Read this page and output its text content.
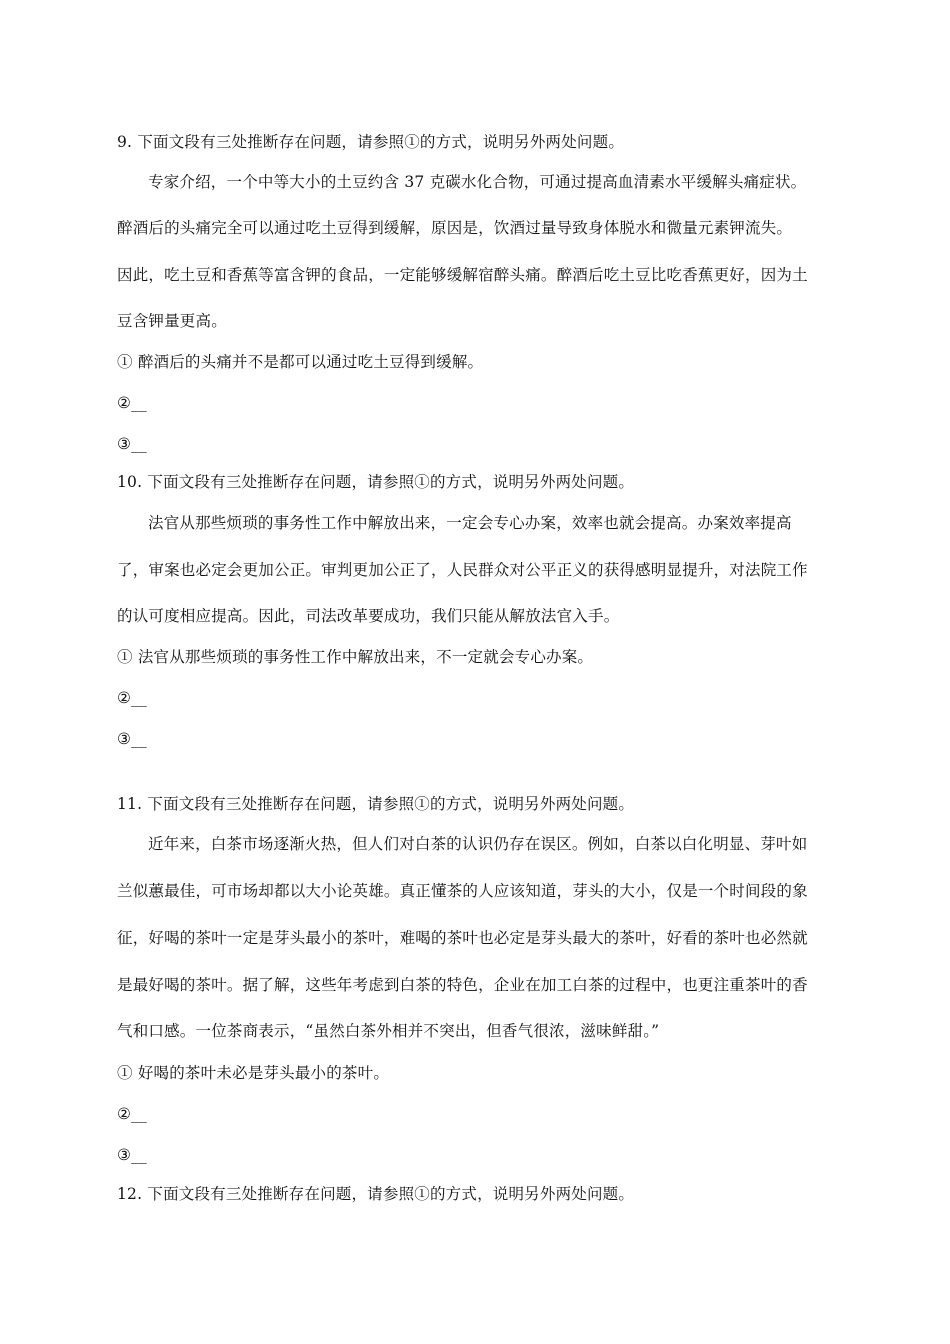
9. 下面文段有三处推断存在问题，请参照①的方式，说明另外两处问题。
专家介绍，一个中等大小的土豆约含 37 克碳水化合物，可通过提高血清素水平缓解头痛症状。
醉酒后的头痛完全可以通过吃土豆得到缓解，原因是，饮酒过量导致身体脱水和微量元素钾流失。
因此，吃土豆和香蕉等富含钾的食品，一定能够缓解宿醉头痛。醉酒后吃土豆比吃香蕉更好，因为土
豆含钾量更高。
① 醉酒后的头痛并不是都可以通过吃土豆得到缓解。
②__
③__
10. 下面文段有三处推断存在问题，请参照①的方式，说明另外两处问题。
法官从那些烦琐的事务性工作中解放出来，一定会专心办案，效率也就会提高。办案效率提高
了，审案也必定会更加公正。审判更加公正了，人民群众对公平正义的获得感明显提升，对法院工作
的认可度相应提高。因此，司法改革要成功，我们只能从解放法官入手。
① 法官从那些烦琐的事务性工作中解放出来，不一定就会专心办案。
②__
③__
11. 下面文段有三处推断存在问题，请参照①的方式，说明另外两处问题。
近年来，白茶市场逐渐火热，但人们对白茶的认识仍存在误区。例如，白茶以白化明显、芽叶如
兰似蕙最佳，可市场却都以大小论英雄。真正懂茶的人应该知道，芽头的大小，仅是一个时间段的象
征，好喝的茶叶一定是芽头最小的茶叶，难喝的茶叶也必定是芽头最大的茶叶，好看的茶叶也必然就
是最好喝的茶叶。据了解，这些年考虑到白茶的特色，企业在加工白茶的过程中，也更注重茶叶的香
气和口感。一位茶商表示，“虽然白茶外相并不突出，但香气很浓，滋味鲜甜。”
① 好喝的茶叶未必是芽头最小的茶叶。
②__
③__
12. 下面文段有三处推断存在问题，请参照①的方式，说明另外两处问题。
